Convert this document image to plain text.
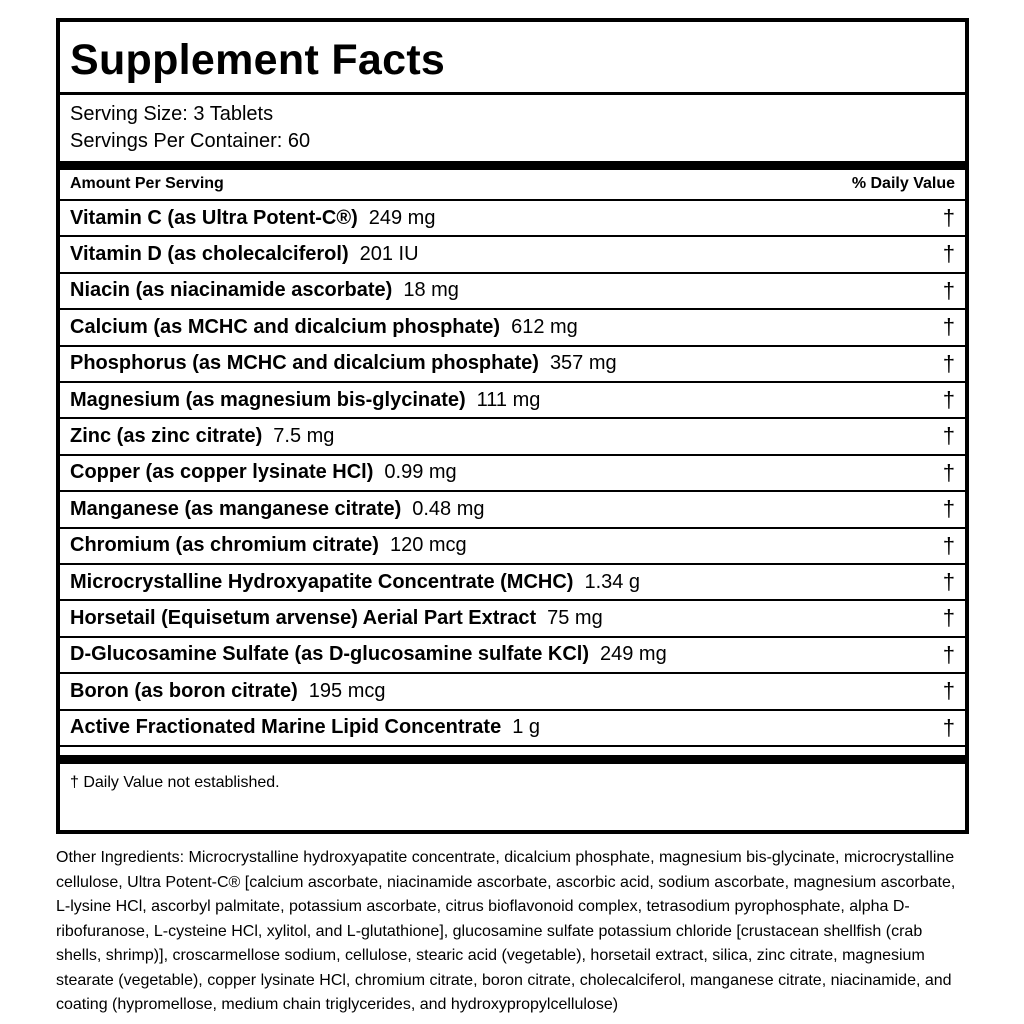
Supplement Facts
Serving Size: 3 Tablets
Servings Per Container: 60
Amount Per Serving	% Daily Value
Vitamin C (as Ultra Potent-C®) 249 mg	†
Vitamin D (as cholecalciferol) 201 IU	†
Niacin (as niacinamide ascorbate) 18 mg	†
Calcium (as MCHC and dicalcium phosphate) 612 mg	†
Phosphorus (as MCHC and dicalcium phosphate) 357 mg	†
Magnesium (as magnesium bis-glycinate) 111 mg	†
Zinc (as zinc citrate) 7.5 mg	†
Copper (as copper lysinate HCl) 0.99 mg	†
Manganese (as manganese citrate) 0.48 mg	†
Chromium (as chromium citrate) 120 mcg	†
Microcrystalline Hydroxyapatite Concentrate (MCHC) 1.34 g	†
Horsetail (Equisetum arvense) Aerial Part Extract 75 mg	†
D-Glucosamine Sulfate (as D-glucosamine sulfate KCl) 249 mg	†
Boron (as boron citrate) 195 mcg	†
Active Fractionated Marine Lipid Concentrate 1 g	†
† Daily Value not established.
Other Ingredients: Microcrystalline hydroxyapatite concentrate, dicalcium phosphate, magnesium bis-glycinate, microcrystalline cellulose, Ultra Potent-C® [calcium ascorbate, niacinamide ascorbate, ascorbic acid, sodium ascorbate, magnesium ascorbate, L-lysine HCl, ascorbyl palmitate, potassium ascorbate, citrus bioflavonoid complex, tetrasodium pyrophosphate, alpha D-ribofuranose, L-cysteine HCl, xylitol, and L-glutathione], glucosamine sulfate potassium chloride [crustacean shellfish (crab shells, shrimp)], croscarmellose sodium, cellulose, stearic acid (vegetable), horsetail extract, silica, zinc citrate, magnesium stearate (vegetable), copper lysinate HCl, chromium citrate, boron citrate, cholecalciferol, manganese citrate, niacinamide, and coating (hypromellose, medium chain triglycerides, and hydroxypropylcellulose)
